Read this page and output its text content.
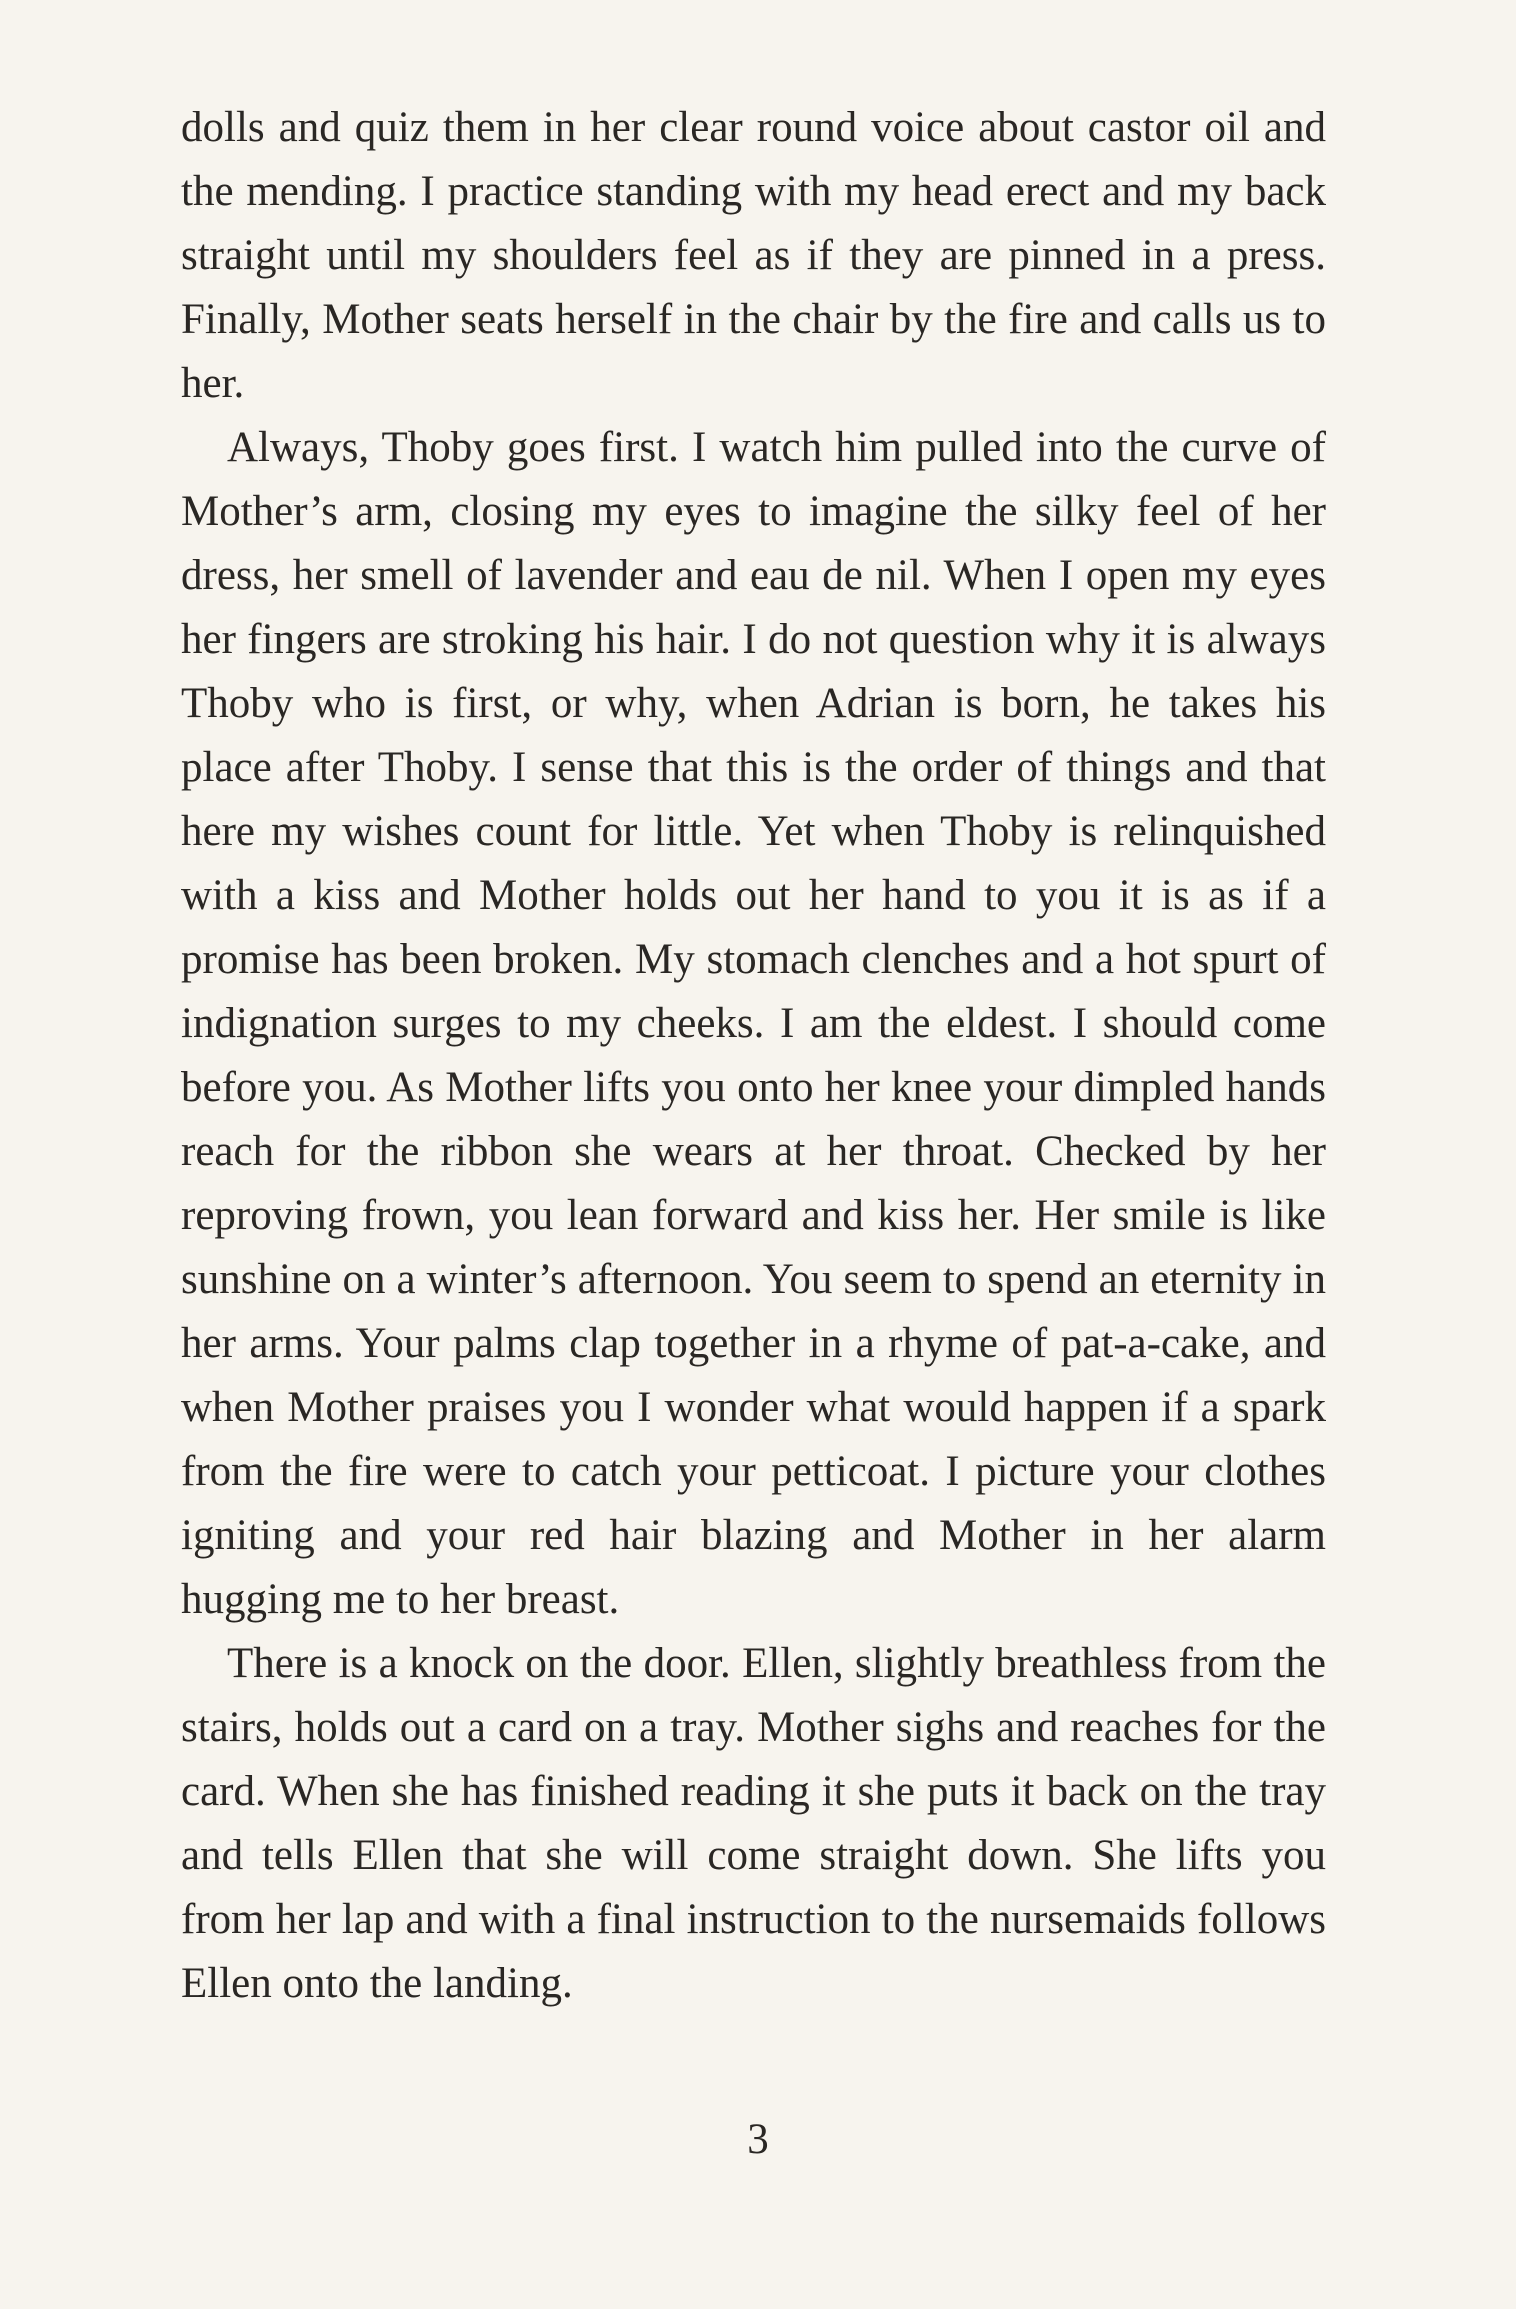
dolls and quiz them in her clear round voice about castor oil and the mending. I practice standing with my head erect and my back straight until my shoulders feel as if they are pinned in a press. Finally, Mother seats herself in the chair by the fire and calls us to her.

Always, Thoby goes first. I watch him pulled into the curve of Mother’s arm, closing my eyes to imagine the silky feel of her dress, her smell of lavender and eau de nil. When I open my eyes her fingers are stroking his hair. I do not question why it is always Thoby who is first, or why, when Adrian is born, he takes his place after Thoby. I sense that this is the order of things and that here my wishes count for little. Yet when Thoby is relinquished with a kiss and Mother holds out her hand to you it is as if a promise has been broken. My stomach clenches and a hot spurt of indignation surges to my cheeks. I am the eldest. I should come before you. As Mother lifts you onto her knee your dimpled hands reach for the ribbon she wears at her throat. Checked by her reproving frown, you lean forward and kiss her. Her smile is like sunshine on a winter’s afternoon. You seem to spend an eternity in her arms. Your palms clap together in a rhyme of pat-a-cake, and when Mother praises you I wonder what would happen if a spark from the fire were to catch your petticoat. I picture your clothes igniting and your red hair blazing and Mother in her alarm hugging me to her breast.

There is a knock on the door. Ellen, slightly breathless from the stairs, holds out a card on a tray. Mother sighs and reaches for the card. When she has finished reading it she puts it back on the tray and tells Ellen that she will come straight down. She lifts you from her lap and with a final instruction to the nursemaids follows Ellen onto the landing.

3
